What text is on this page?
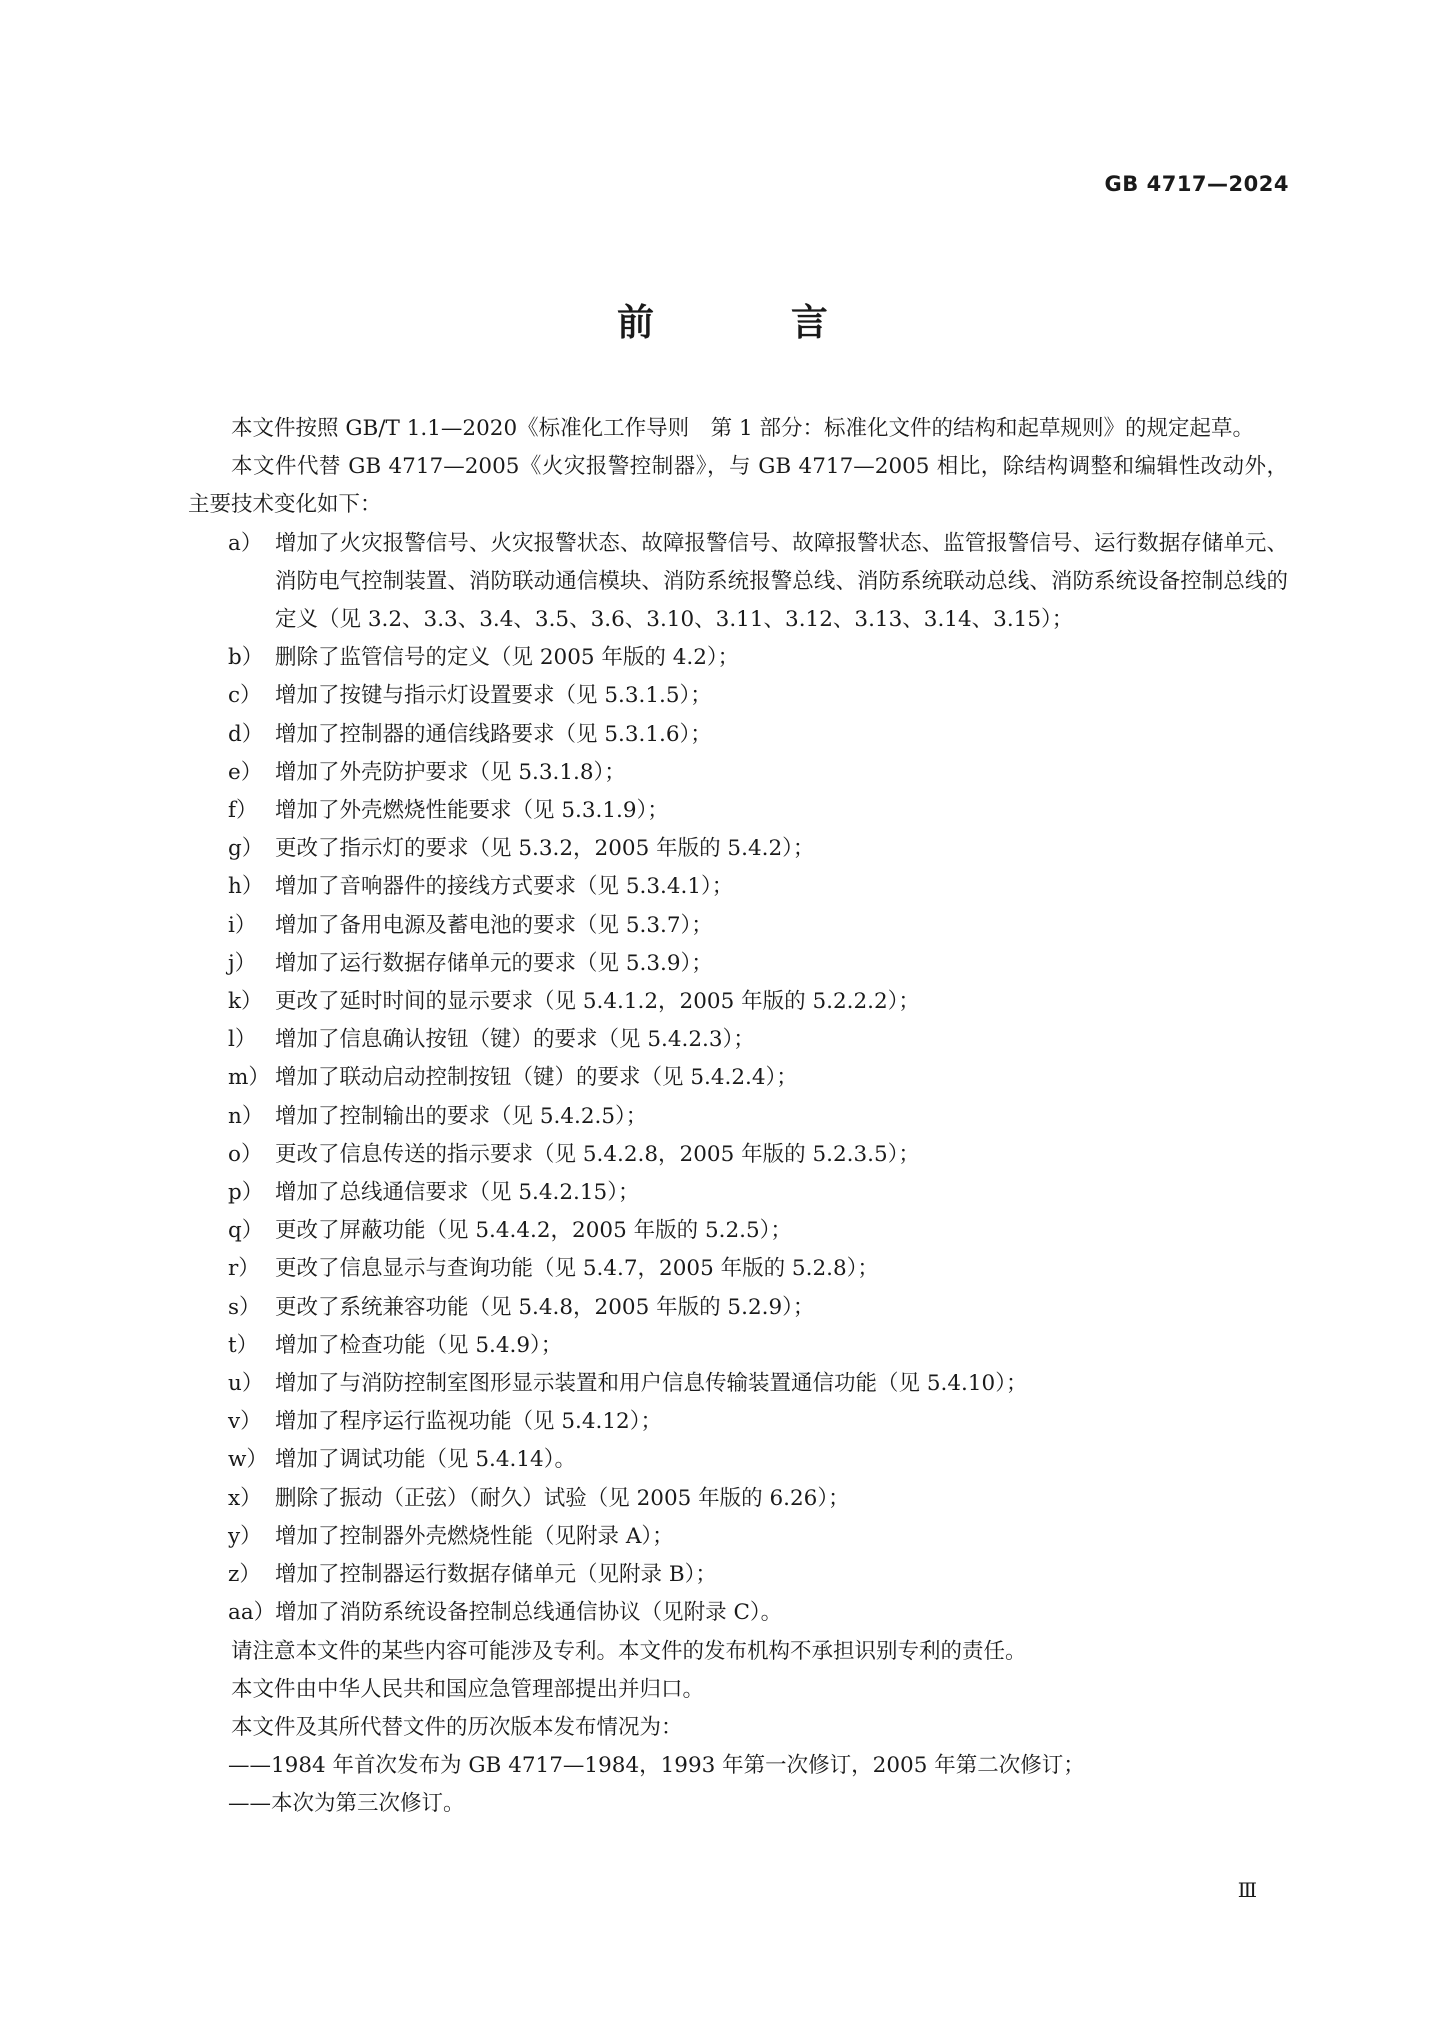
GB 4717—2024
前 言

本文件按照 GB/T 1.1—2020《标准化工作导则　第 1 部分：标准化文件的结构和起草规则》的规定起草。

本文件代替 GB 4717—2005《火灾报警控制器》，与 GB 4717—2005 相比，除结构调整和编辑性改动外，主要技术变化如下：

a） 增加了火灾报警信号、火灾报警状态、故障报警信号、故障报警状态、监管报警信号、运行数据存储单元、消防电气控制装置、消防联动通信模块、消防系统报警总线、消防系统联动总线、消防系统设备控制总线的定义（见 3.2、3.3、3.4、3.5、3.6、3.10、3.11、3.12、3.13、3.14、3.15）；
b） 删除了监管信号的定义（见 2005 年版的 4.2）；
c） 增加了按键与指示灯设置要求（见 5.3.1.5）；
d） 增加了控制器的通信线路要求（见 5.3.1.6）；
e） 增加了外壳防护要求（见 5.3.1.8）；
f） 增加了外壳燃烧性能要求（见 5.3.1.9）；
g） 更改了指示灯的要求（见 5.3.2，2005 年版的 5.4.2）；
h） 增加了音响器件的接线方式要求（见 5.3.4.1）；
i） 增加了备用电源及蓄电池的要求（见 5.3.7）；
j） 增加了运行数据存储单元的要求（见 5.3.9）；
k） 更改了延时时间的显示要求（见 5.4.1.2，2005 年版的 5.2.2.2）；
l） 增加了信息确认按钮（键）的要求（见 5.4.2.3）；
m） 增加了联动启动控制按钮（键）的要求（见 5.4.2.4）；
n） 增加了控制输出的要求（见 5.4.2.5）；
o） 更改了信息传送的指示要求（见 5.4.2.8，2005 年版的 5.2.3.5）；
p） 增加了总线通信要求（见 5.4.2.15）；
q） 更改了屏蔽功能（见 5.4.4.2，2005 年版的 5.2.5）；
r） 更改了信息显示与查询功能（见 5.4.7，2005 年版的 5.2.8）；
s） 更改了系统兼容功能（见 5.4.8，2005 年版的 5.2.9）；
t） 增加了检查功能（见 5.4.9）；
u） 增加了与消防控制室图形显示装置和用户信息传输装置通信功能（见 5.4.10）；
v） 增加了程序运行监视功能（见 5.4.12）；
w） 增加了调试功能（见 5.4.14）。
x） 删除了振动（正弦）（耐久）试验（见 2005 年版的 6.26）；
y） 增加了控制器外壳燃烧性能（见附录 A）；
z） 增加了控制器运行数据存储单元（见附录 B）；
aa） 增加了消防系统设备控制总线通信协议（见附录 C）。

请注意本文件的某些内容可能涉及专利。本文件的发布机构不承担识别专利的责任。

本文件由中华人民共和国应急管理部提出并归口。

本文件及其所代替文件的历次版本发布情况为：

——1984 年首次发布为 GB 4717—1984，1993 年第一次修订，2005 年第二次修订；

——本次为第三次修订。

Ⅲ
